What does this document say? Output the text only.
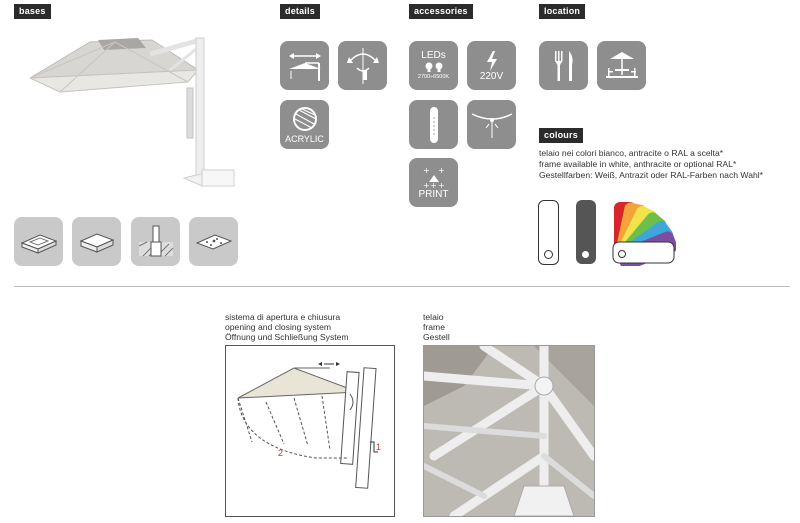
bases	details	accessories	location
colours
ACRYLIC
LEDs
2700÷6500K	220V
+ +
+ + +
PRINT
telaio nei colori bianco, antracite o RAL a scelta*
frame available in white, anthracite or optional RAL*
Gestellfarben: Weiß, Antrazit oder RAL-Farben nach Wahl*
sistema di apertura e chiusura
opening and closing system
Öffnung und Schließung System
1
2
telaio
frame
Gestell
